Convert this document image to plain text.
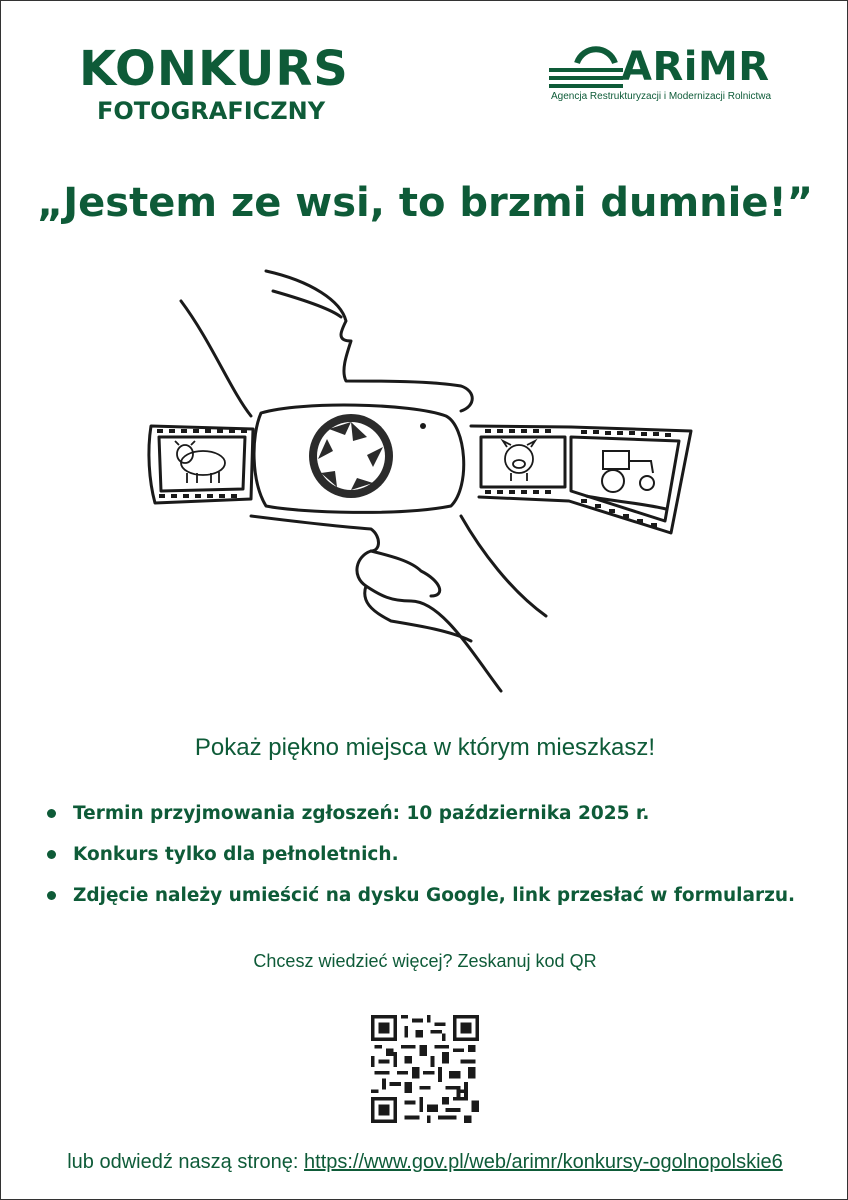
KONKURS
FOTOGRAFICZNY
ARiMR
Agencja Restrukturyzacji i Modernizacji Rolnictwa
„Jestem ze wsi, to brzmi dumnie!”
Pokaż piękno miejsca w którym mieszkasz!
Termin przyjmowania zgłoszeń: 10 października 2025 r.
Konkurs tylko dla pełnoletnich.
Zdjęcie należy umieścić na dysku Google, link przesłać w formularzu.
Chcesz wiedzieć więcej? Zeskanuj kod QR
lub odwiedź naszą stronę: https://www.gov.pl/web/arimr/konkursy-ogolnopolskie6
